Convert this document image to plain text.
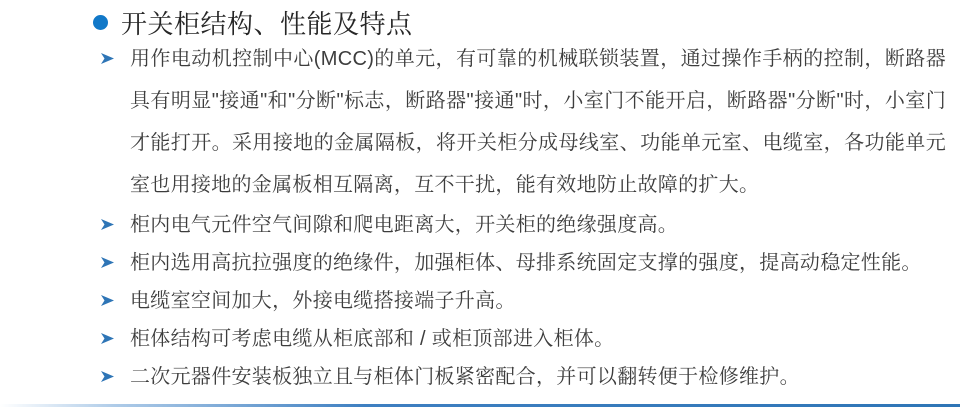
开关柜结构、性能及特点
用作电动机控制中心(MCC)的单元，有可靠的机械联锁装置，通过操作手柄的控制，断路器具有明显"接通"和"分断"标志，断路器"接通"时，小室门不能开启，断路器"分断"时，小室门才能打开。采用接地的金属隔板，将开关柜分成母线室、功能单元室、电缆室，各功能单元室也用接地的金属板相互隔离，互不干扰，能有效地防止故障的扩大。
柜内电气元件空气间隙和爬电距离大，开关柜的绝缘强度高。
柜内选用高抗拉强度的绝缘件，加强柜体、母排系统固定支撑的强度，提高动稳定性能。
电缆室空间加大，外接电缆搭接端子升高。
柜体结构可考虑电缆从柜底部和 / 或柜顶部进入柜体。
二次元器件安装板独立且与柜体门板紧密配合，并可以翻转便于检修维护。
